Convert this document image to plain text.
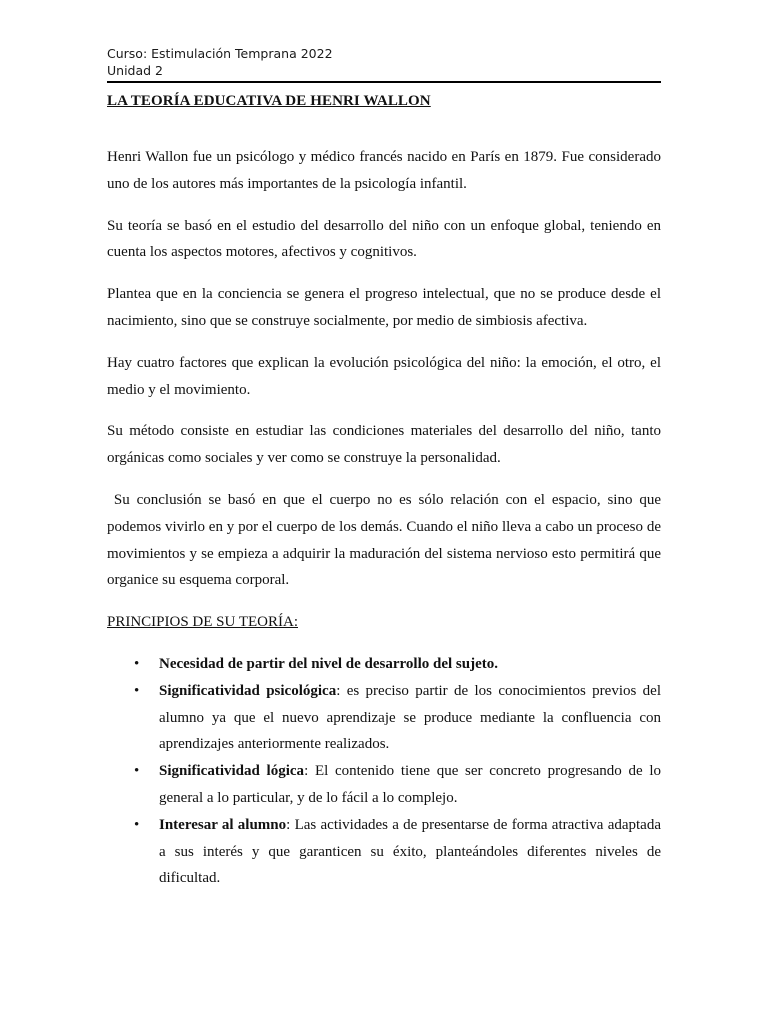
Curso: Estimulación Temprana 2022
Unidad 2
LA TEORÍA EDUCATIVA DE HENRI WALLON

Henri Wallon fue un psicólogo y médico francés nacido en París en 1879. Fue considerado uno de los autores más importantes de la psicología infantil.

Su teoría se basó en el estudio del desarrollo del niño con un enfoque global, teniendo en cuenta los aspectos motores, afectivos y cognitivos.

Plantea que en la conciencia se genera el progreso intelectual, que no se produce desde el nacimiento, sino que se construye socialmente, por medio de simbiosis afectiva.

Hay cuatro factores que explican la evolución psicológica del niño: la emoción, el otro, el medio y el movimiento.

Su método consiste en estudiar las condiciones materiales del desarrollo del niño, tanto orgánicas como sociales y ver como se construye la personalidad.

Su conclusión se basó en que el cuerpo no es sólo relación con el espacio, sino que podemos vivirlo en y por el cuerpo de los demás. Cuando el niño lleva a cabo un proceso de movimientos y se empieza a adquirir la maduración del sistema nervioso esto permitirá que organice su esquema corporal.

PRINCIPIOS DE SU TEORÍA:

• Necesidad de partir del nivel de desarrollo del sujeto.
• Significatividad psicológica: es preciso partir de los conocimientos previos del alumno ya que el nuevo aprendizaje se produce mediante la confluencia con aprendizajes anteriormente realizados.
• Significatividad lógica: El contenido tiene que ser concreto progresando de lo general a lo particular, y de lo fácil a lo complejo.
• Interesar al alumno: Las actividades a de presentarse de forma atractiva adaptada a sus interés y que garanticen su éxito, planteándoles diferentes niveles de dificultad.
